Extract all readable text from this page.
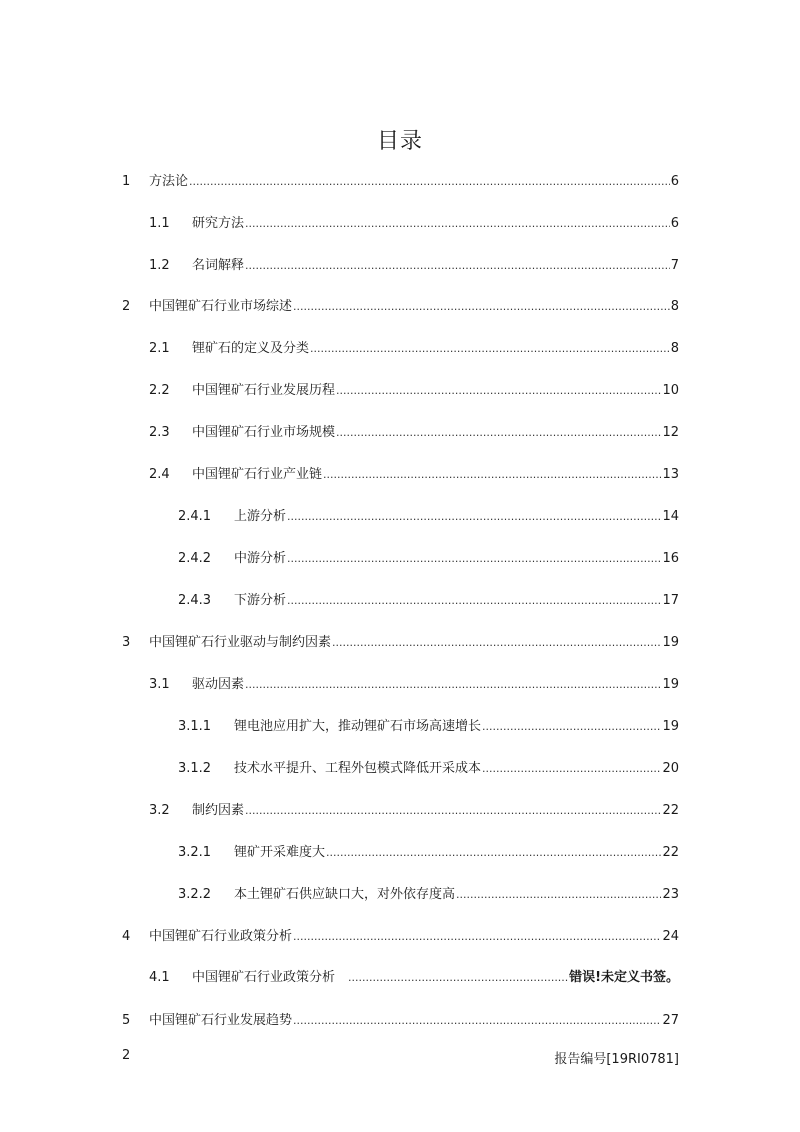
目录
1	方法论 .....	6
1.1	研究方法 .....	6
1.2	名词解释 .....	7
2	中国锂矿石行业市场综述 .....	8
2.1	锂矿石的定义及分类 .....	8
2.2	中国锂矿石行业发展历程 .....	10
2.3	中国锂矿石行业市场规模 .....	12
2.4	中国锂矿石行业产业链 .....	13
2.4.1	上游分析 .....	14
2.4.2	中游分析 .....	16
2.4.3	下游分析 .....	17
3	中国锂矿石行业驱动与制约因素 .....	19
3.1	驱动因素 .....	19
3.1.1	锂电池应用扩大，推动锂矿石市场高速增长 .....	19
3.1.2	技术水平提升、工程外包模式降低开采成本 .....	20
3.2	制约因素 .....	22
3.2.1	锂矿开采难度大 .....	22
3.2.2	本土锂矿石供应缺口大，对外依存度高 .....	23
4	中国锂矿石行业政策分析 .....	24
4.1	中国锂矿石行业政策分析 .....	错误!未定义书签。
5	中国锂矿石行业发展趋势 .....	27
2	报告编号[19RI0781]
